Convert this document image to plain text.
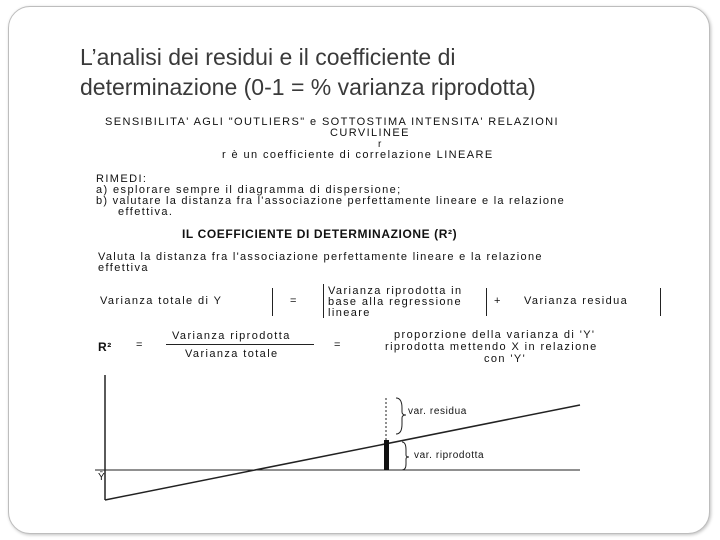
L’analisi dei residui e il coefficiente di
determinazione (0-1 = % varianza riprodotta)
SENSIBILITA' AGLI "OUTLIERS" e SOTTOSTIMA INTENSITA' RELAZIONI
CURVILINEE
r
r è un coefficiente di correlazione LINEARE
RIMEDI:
a) esplorare sempre il diagramma di dispersione;
b) valutare la distanza fra l'associazione perfettamente lineare e la relazione
effettiva.
IL COEFFICIENTE DI DETERMINAZIONE (R²)
Valuta la distanza fra l'associazione perfettamente lineare e la relazione
effettiva
Varianza totale di Y	=
Varianza riprodotta in
base alla regressione
lineare
+ Varianza residua
R² =
Varianza riprodotta
Varianza totale
=
proporzione della varianza di 'Y'
riprodotta mettendo X in relazione
con 'Y'
var. residua
var. riprodotta
Ȳ
